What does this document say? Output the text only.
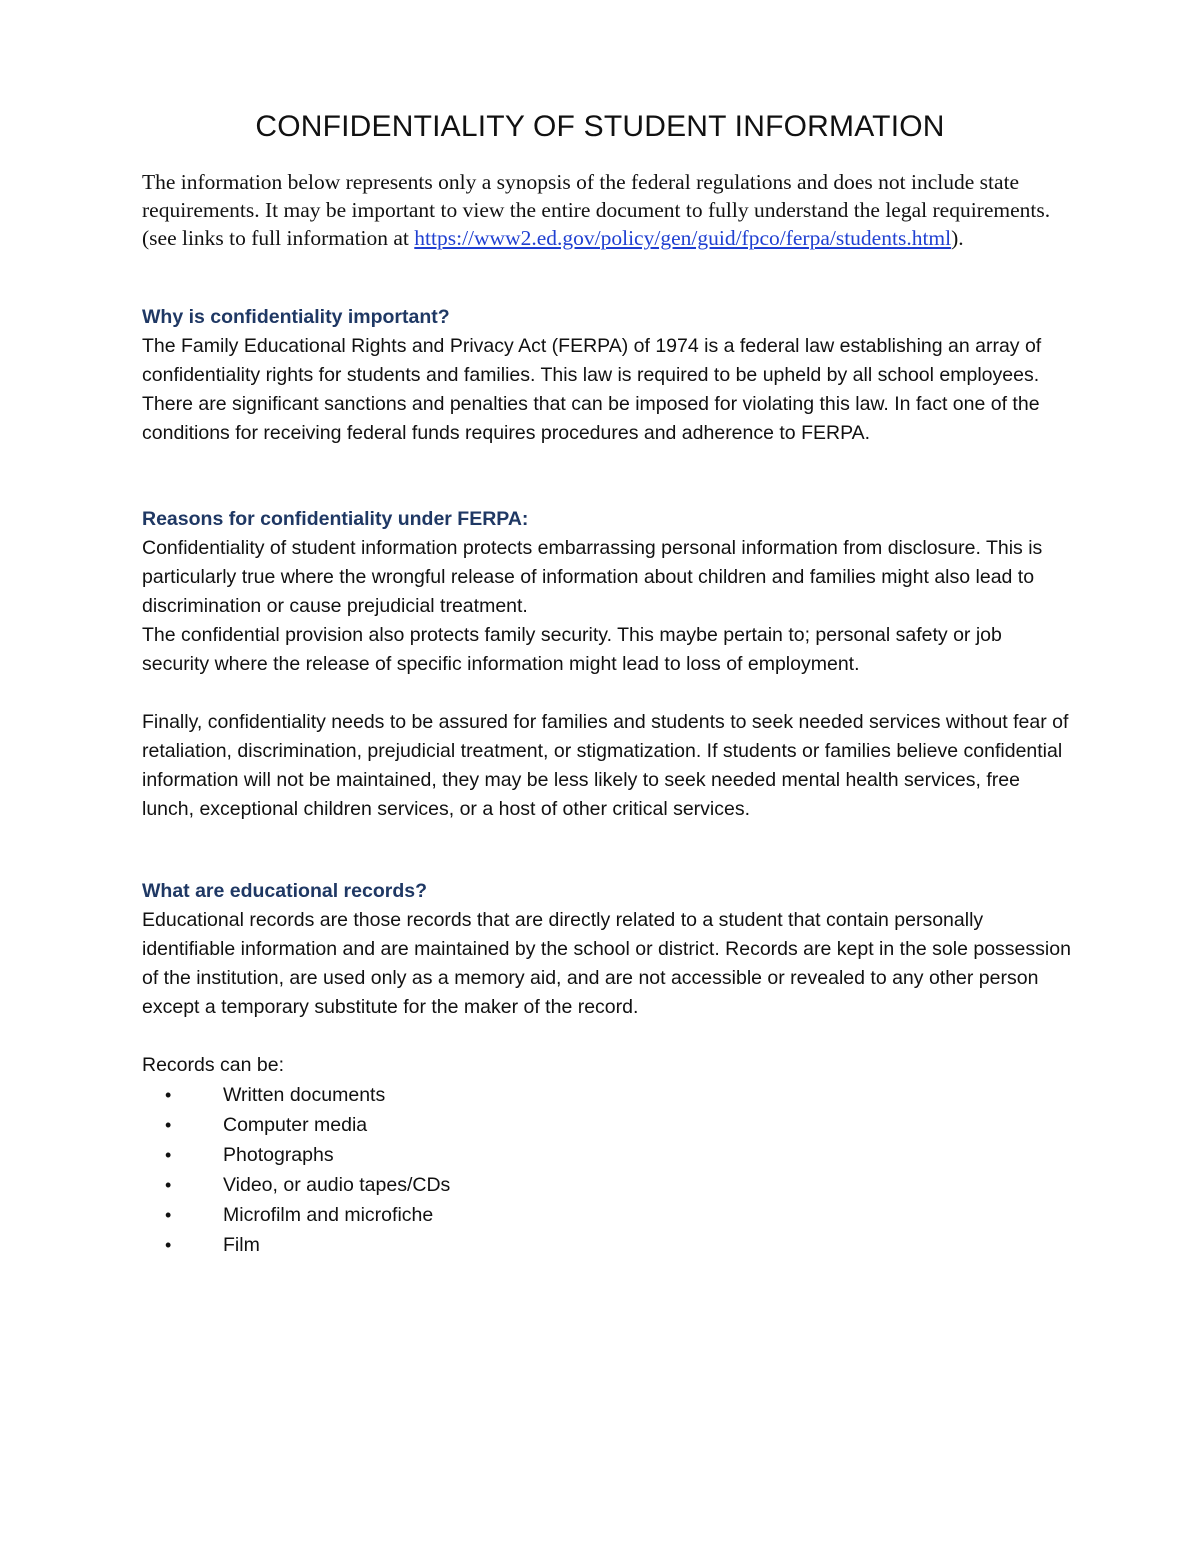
CONFIDENTIALITY OF STUDENT INFORMATION

The information below represents only a synopsis of the federal regulations and does not include state requirements. It may be important to view the entire document to fully understand the legal requirements. (see links to full information at https://www2.ed.gov/policy/gen/guid/fpco/ferpa/students.html).

Why is confidentiality important?

The Family Educational Rights and Privacy Act (FERPA) of 1974 is a federal law establishing an array of confidentiality rights for students and families. This law is required to be upheld by all school employees. There are significant sanctions and penalties that can be imposed for violating this law. In fact one of the conditions for receiving federal funds requires procedures and adherence to FERPA.

Reasons for confidentiality under FERPA:

Confidentiality of student information protects embarrassing personal information from disclosure. This is particularly true where the wrongful release of information about children and families might also lead to discrimination or cause prejudicial treatment.

The confidential provision also protects family security. This maybe pertain to; personal safety or job security where the release of specific information might lead to loss of employment.

Finally, confidentiality needs to be assured for families and students to seek needed services without fear of retaliation, discrimination, prejudicial treatment, or stigmatization. If students or families believe confidential information will not be maintained, they may be less likely to seek needed mental health services, free lunch, exceptional children services, or a host of other critical services.

What are educational records?

Educational records are those records that are directly related to a student that contain personally identifiable information and are maintained by the school or district. Records are kept in the sole possession of the institution, are used only as a memory aid, and are not accessible or revealed to any other person except a temporary substitute for the maker of the record.

Records can be:

•	Written documents
•	Computer media
•	Photographs
•	Video, or audio tapes/CDs
•	Microfilm and microfiche
•	Film
